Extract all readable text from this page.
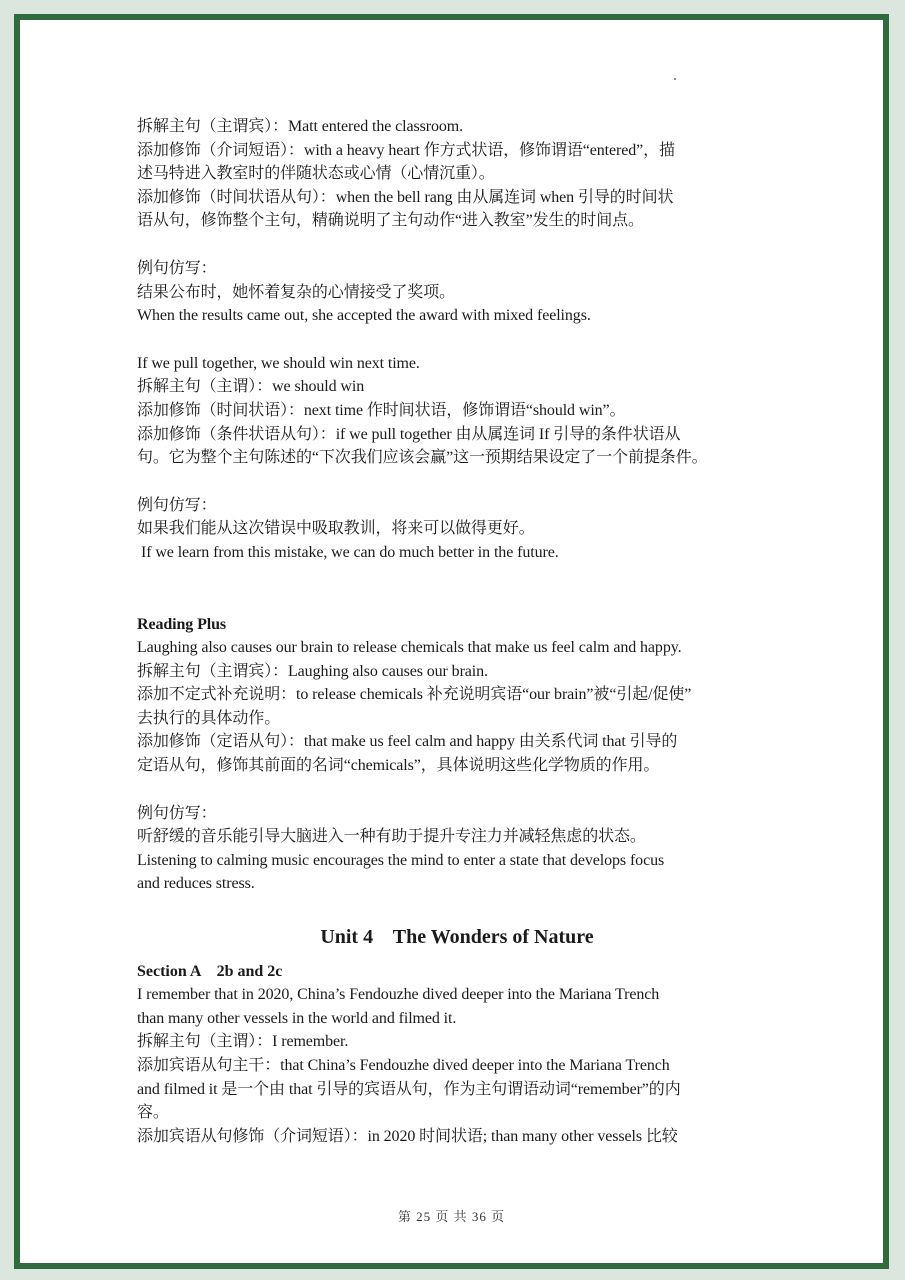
拆解主句（主谓宾）：Matt entered the classroom.
添加修饰（介词短语）：with a heavy heart 作方式状语，修饰谓语“entered”，描
述马特进入教室时的伴随状态或心情（心情沉重）。
添加修饰（时间状语从句）：when the bell rang 由从属连词 when 引导的时间状
语从句，修饰整个主句，精确说明了主句动作“进入教室”发生的时间点。
例句仿写：
结果公布时，她怀着复杂的心情接受了奖项。
When the results came out, she accepted the award with mixed feelings.
If we pull together, we should win next time.
拆解主句（主谓）：we should win
添加修饰（时间状语）：next time 作时间状语，修饰谓语“should win”。
添加修饰（条件状语从句）：if we pull together 由从属连词 If 引导的条件状语从
句。它为整个主句陈述的“下次我们应该会赢”这一预期结果设定了一个前提条件。
例句仿写：
如果我们能从这次错误中吸取教训，将来可以做得更好。
If we learn from this mistake, we can do much better in the future.
Reading Plus
Laughing also causes our brain to release chemicals that make us feel calm and happy.
拆解主句（主谓宾）：Laughing also causes our brain.
添加不定式补充说明：to release chemicals 补充说明宾语“our brain”被“引起/促使”
去执行的具体动作。
添加修饰（定语从句）：that make us feel calm and happy 由关系代词 that 引导的
定语从句，修饰其前面的名词“chemicals”，具体说明这些化学物质的作用。
例句仿写：
听舒缓的音乐能引导大脑进入一种有助于提升专注力并减轻焦虑的状态。
Listening to calming music encourages the mind to enter a state that develops focus
and reduces stress.
Unit 4    The Wonders of Nature
Section A    2b and 2c
I remember that in 2020, China’s Fendouzhe dived deeper into the Mariana Trench
than many other vessels in the world and filmed it.
拆解主句（主谓）：I remember.
添加宾语从句主干：that China’s Fendouzhe dived deeper into the Mariana Trench
and filmed it 是一个由 that 引导的宾语从句，作为主句谓语动词“remember”的内
容。
添加宾语从句修饰（介词短语）：in 2020 时间状语; than many other vessels 比较
第 25 页 共 36 页
